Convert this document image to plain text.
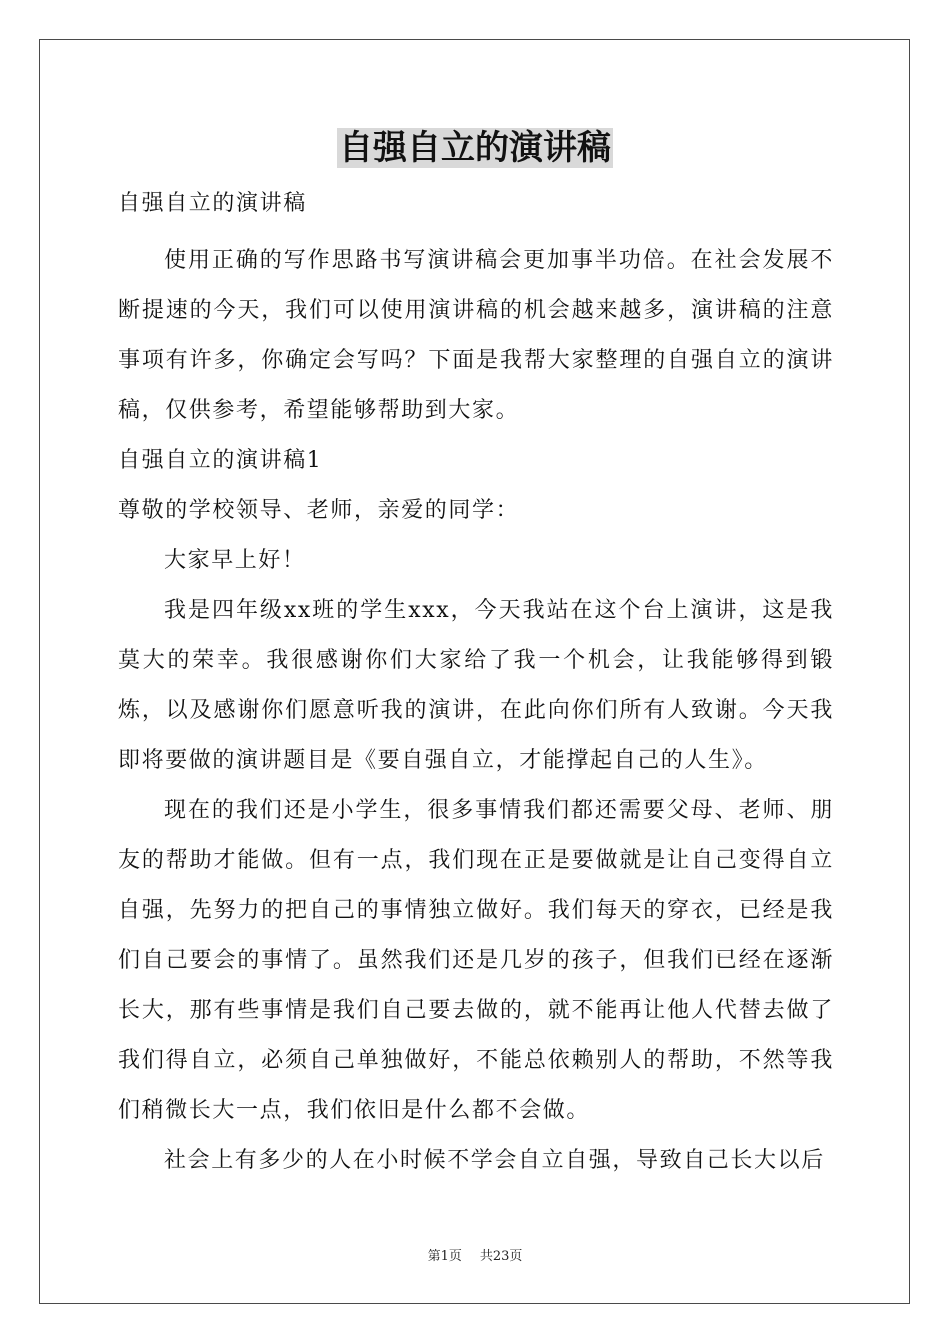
自强自立的演讲稿

自强自立的演讲稿

使用正确的写作思路书写演讲稿会更加事半功倍。在社会发展不断提速的今天，我们可以使用演讲稿的机会越来越多，演讲稿的注意事项有许多，你确定会写吗？下面是我帮大家整理的自强自立的演讲稿，仅供参考，希望能够帮助到大家。

自强自立的演讲稿1

尊敬的学校领导、老师，亲爱的同学：

大家早上好！

我是四年级xx班的学生xxx，今天我站在这个台上演讲，这是我莫大的荣幸。我很感谢你们大家给了我一个机会，让我能够得到锻炼，以及感谢你们愿意听我的演讲，在此向你们所有人致谢。今天我即将要做的演讲题目是《要自强自立，才能撑起自己的人生》。

现在的我们还是小学生，很多事情我们都还需要父母、老师、朋友的帮助才能做。但有一点，我们现在正是要做就是让自己变得自立自强，先努力的把自己的事情独立做好。我们每天的穿衣，已经是我们自己要会的事情了。虽然我们还是几岁的孩子，但我们已经在逐渐长大，那有些事情是我们自己要去做的，就不能再让他人代替去做了我们得自立，必须自己单独做好，不能总依赖别人的帮助，不然等我们稍微长大一点，我们依旧是什么都不会做。

社会上有多少的人在小时候不学会自立自强，导致自己长大以后

第1页 共23页
